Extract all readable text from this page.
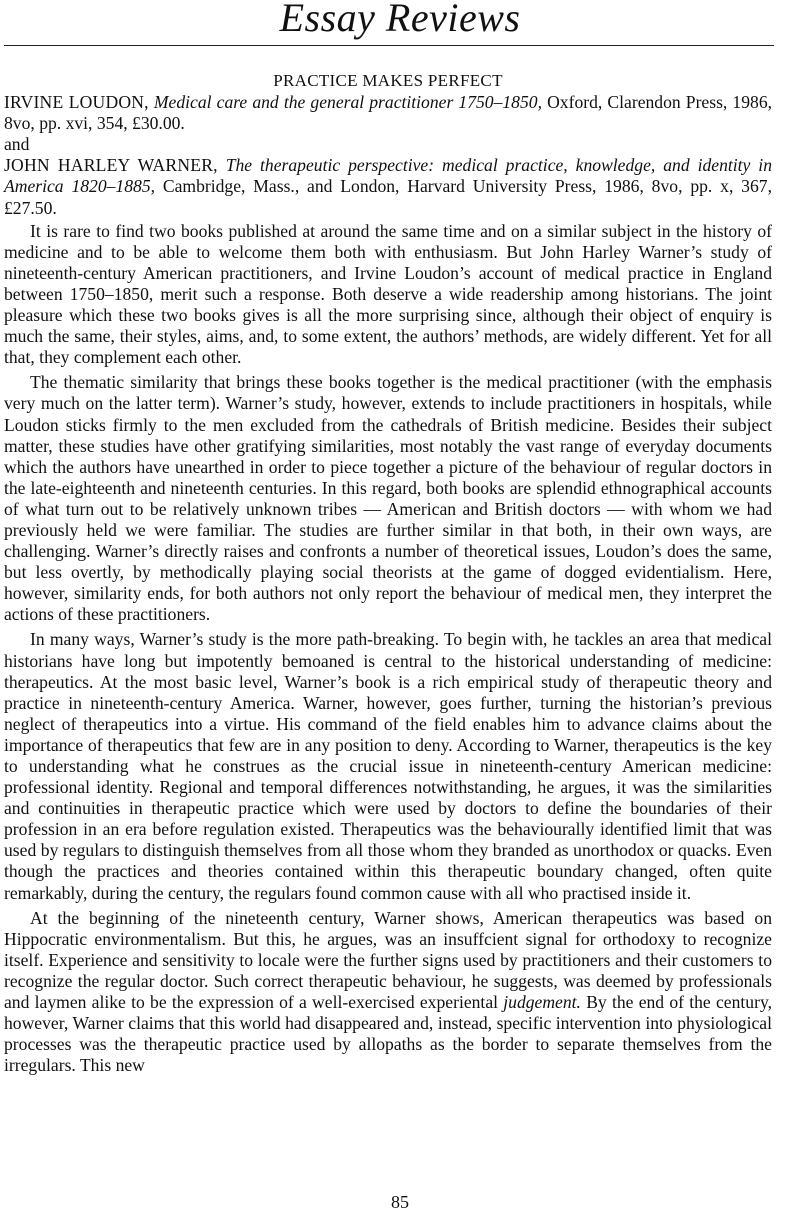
Essay Reviews
PRACTICE MAKES PERFECT
IRVINE LOUDON, Medical care and the general practitioner 1750–1850, Oxford, Clarendon Press, 1986, 8vo, pp. xvi, 354, £30.00.
and
JOHN HARLEY WARNER, The therapeutic perspective: medical practice, knowledge, and identity in America 1820–1885, Cambridge, Mass., and London, Harvard University Press, 1986, 8vo, pp. x, 367, £27.50.

It is rare to find two books published at around the same time and on a similar subject in the history of medicine and to be able to welcome them both with enthusiasm. But John Harley Warner’s study of nineteenth-century American practitioners, and Irvine Loudon’s account of medical practice in England between 1750–1850, merit such a response. Both deserve a wide readership among historians. The joint pleasure which these two books gives is all the more surprising since, although their object of enquiry is much the same, their styles, aims, and, to some extent, the authors’ methods, are widely different. Yet for all that, they complement each other.

The thematic similarity that brings these books together is the medical practitioner (with the emphasis very much on the latter term). Warner’s study, however, extends to include practitioners in hospitals, while Loudon sticks firmly to the men excluded from the cathedrals of British medicine. Besides their subject matter, these studies have other gratifying similarities, most notably the vast range of everyday documents which the authors have unearthed in order to piece together a picture of the behaviour of regular doctors in the late-eighteenth and nineteenth centuries. In this regard, both books are splendid ethnographical accounts of what turn out to be relatively unknown tribes — American and British doctors — with whom we had previously held we were familiar. The studies are further similar in that both, in their own ways, are challenging. Warner’s directly raises and confronts a number of theoretical issues, Loudon’s does the same, but less overtly, by methodically playing social theorists at the game of dogged evidentialism. Here, however, similarity ends, for both authors not only report the behaviour of medical men, they interpret the actions of these practitioners.

In many ways, Warner’s study is the more path-breaking. To begin with, he tackles an area that medical historians have long but impotently bemoaned is central to the historical understanding of medicine: therapeutics. At the most basic level, Warner’s book is a rich empirical study of therapeutic theory and practice in nineteenth-century America. Warner, however, goes further, turning the historian’s previous neglect of therapeutics into a virtue. His command of the field enables him to advance claims about the importance of therapeutics that few are in any position to deny. According to Warner, therapeutics is the key to understanding what he construes as the crucial issue in nineteenth-century American medicine: professional identity. Regional and temporal differences notwithstanding, he argues, it was the similarities and continuities in therapeutic practice which were used by doctors to define the boundaries of their profession in an era before regulation existed. Therapeutics was the behaviourally identified limit that was used by regulars to distinguish themselves from all those whom they branded as unorthodox or quacks. Even though the practices and theories contained within this therapeutic boundary changed, often quite remarkably, during the century, the regulars found common cause with all who practised inside it.

At the beginning of the nineteenth century, Warner shows, American therapeutics was based on Hippocratic environmentalism. But this, he argues, was an insuffcient signal for orthodoxy to recognize itself. Experience and sensitivity to locale were the further signs used by practitioners and their customers to recognize the regular doctor. Such correct therapeutic behaviour, he suggests, was deemed by professionals and laymen alike to be the expression of a well-exercised experiental judgement. By the end of the century, however, Warner claims that this world had disappeared and, instead, specific intervention into physiological processes was the therapeutic practice used by allopaths as the border to separate themselves from the irregulars. This new

85
